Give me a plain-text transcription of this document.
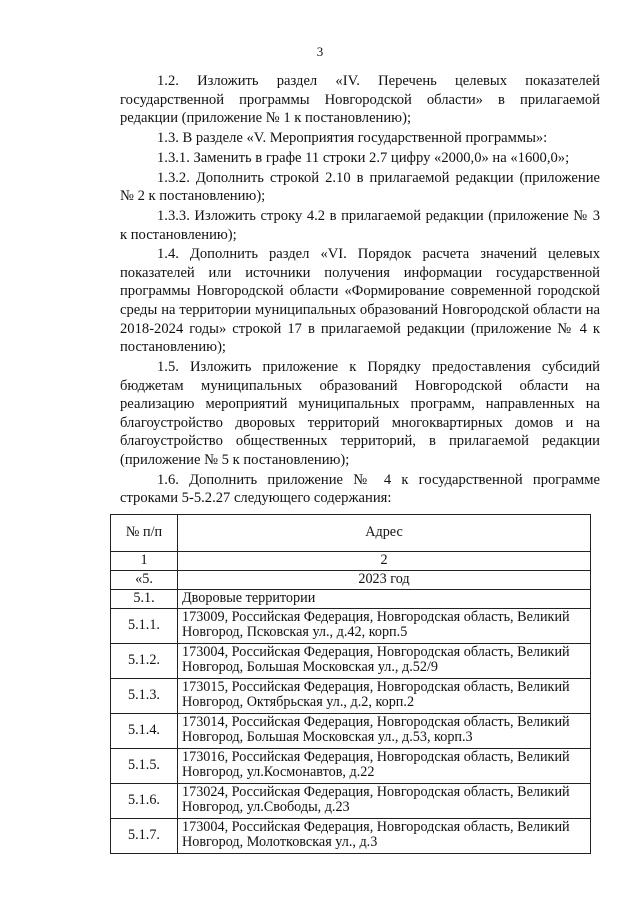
3

1.2. Изложить раздел «IV. Перечень целевых показателей государственной программы Новгородской области» в прилагаемой редакции (приложение № 1 к постановлению);

1.3. В разделе «V. Мероприятия государственной программы»:

1.3.1. Заменить в графе 11 строки 2.7 цифру «2000,0» на «1600,0»;

1.3.2. Дополнить строкой 2.10 в прилагаемой редакции (приложение № 2 к постановлению);

1.3.3. Изложить строку 4.2 в прилагаемой редакции (приложение № 3 к постановлению);

1.4. Дополнить раздел «VI. Порядок расчета значений целевых показателей или источники получения информации государственной программы Новгородской области «Формирование современной городской среды на территории муниципальных образований Новгородской области на 2018-2024 годы» строкой 17 в прилагаемой редакции (приложение № 4 к постановлению);

1.5. Изложить приложение к Порядку предоставления субсидий бюджетам муниципальных образований Новгородской области на реализацию мероприятий муниципальных программ, направленных на благоустройство дворовых территорий многоквартирных домов и на благоустройство общественных территорий, в прилагаемой редакции (приложение № 5 к постановлению);

1.6. Дополнить приложение № 4 к государственной программе строками 5-5.2.27 следующего содержания:

№ п/п	Адрес
1	2
«5.	2023 год
5.1.	Дворовые территории
5.1.1.	173009, Российская Федерация, Новгородская область, Великий Новгород, Псковская ул., д.42, корп.5
5.1.2.	173004, Российская Федерация, Новгородская область, Великий Новгород, Большая Московская ул., д.52/9
5.1.3.	173015, Российская Федерация, Новгородская область, Великий Новгород, Октябрьская ул., д.2, корп.2
5.1.4.	173014, Российская Федерация, Новгородская область, Великий Новгород, Большая Московская ул., д.53, корп.3
5.1.5.	173016, Российская Федерация, Новгородская область, Великий Новгород, ул.Космонавтов, д.22
5.1.6.	173024, Российская Федерация, Новгородская область, Великий Новгород, ул.Свободы, д.23
5.1.7.	173004, Российская Федерация, Новгородская область, Великий Новгород, Молотковская ул., д.3
